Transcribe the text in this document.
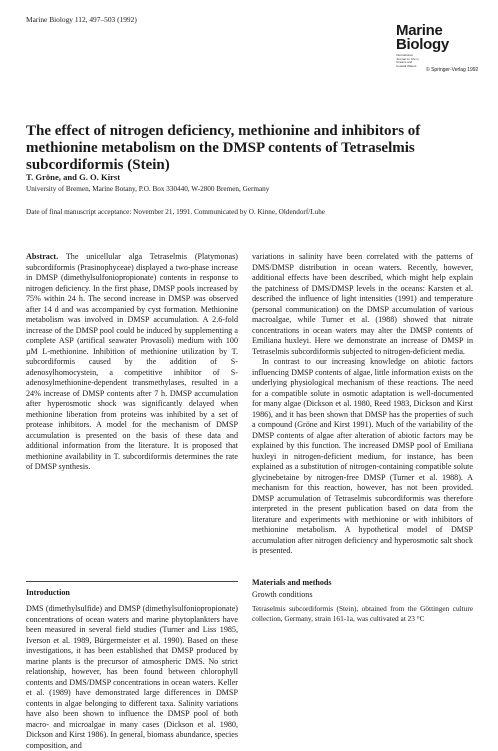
Marine Biology 112, 497–503 (1992)
Marine
Biology
International Journal on Life in Oceans and Coastal Waters
© Springer-Verlag 1992
The effect of nitrogen deficiency, methionine and inhibitors of methionine metabolism on the DMSP contents of Tetraselmis subcordiformis (Stein)
T. Gröne, and G. O. Kirst
University of Bremen, Marine Botany, P.O. Box 330440, W-2800 Bremen, Germany
Date of final manuscript acceptance: November 21, 1991. Communicated by O. Kinne, Oldendorf/Luhe

Abstract. The unicellular alga Tetraselmis (Platymonas) subcordiformis (Prasinophyceae) displayed a two-phase increase in DMSP (dimethylsulfoniopropionate) contents in response to nitrogen deficiency. In the first phase, DMSP pools increased by 75% within 24 h. The second increase in DMSP was observed after 14 d and was accompanied by cyst formation. Methionine metabolism was involved in DMSP accumulation. A 2.6-fold increase of the DMSP pool could be induced by supplementing a complete ASP (artifical seawater Provasoli) medium with 100 µM L-methionine. Inhibition of methionine utilization by T. subcordiformis caused by the addition of S-adenosylhomocystein, a competitive inhibitor of S-adenosylmethionine-dependent transmethylases, resulted in a 24% increase of DMSP contents after 7 h. DMSP accumulation after hyperosmotic shock was significantly delayed when methionine liberation from proteins was inhibited by a set of protease inhibitors. A model for the mechanism of DMSP accumulation is presented on the basis of these data and additional information from the literature. It is proposed that methionine availability in T. subcordiformis determines the rate of DMSP synthesis.

Introduction
DMS (dimethylsulfide) and DMSP (dimethylsulfoniopropionate) concentrations of ocean waters and marine phytoplankters have been measured in several field studies (Turner and Liss 1985, Iverson et al. 1989, Bürgermeister et al. 1990). Based on these investigations, it has been established that DMSP produced by marine plants is the precursor of atmospheric DMS. No strict relationship, however, has been found between chlorophyll contents and DMS/DMSP concentrations in ocean waters. Keller et al. (1989) have demonstrated large differences in DMSP contents in algae belonging to different taxa. Salinity variations have also been shown to influence the DMSP pool of both macro- and microalgae in many cases (Dickson et al. 1980, Dickson and Kirst 1986). In general, biomass abundance, species composition, and

variations in salinity have been correlated with the patterns of DMS/DMSP distribution in ocean waters. Recently, however, additional effects have been described, which might help explain the patchiness of DMS/DMSP levels in the oceans: Karsten et al. described the influence of light intensities (1991) and temperature (personal communication) on the DMSP accumulation of various macroalgae, while Turner et al. (1988) showed that nitrate concentrations in ocean waters may alter the DMSP contents of Emiliana huxleyi. Here we demonstrate an increase of DMSP in Tetraselmis subcordiformis subjected to nitrogen-deficient media.

In contrast to our increasing knowledge on abiotic factors influencing DMSP contents of algae, little information exists on the underlying physiological mechanism of these reactions. The need for a compatible solute in osmotic adaptation is well-documented for many algae (Dickson et al. 1980, Reed 1983, Dickson and Kirst 1986), and it has been shown that DMSP has the properties of such a compound (Gröne and Kirst 1991). Much of the variability of the DMSP contents of algae after alteration of abiotic factors may be explained by this function. The increased DMSP pool of Emiliana huxleyi in nitrogen-deficient medium, for instance, has been explained as a substitution of nitrogen-containing compatible solute glycinebetaine by nitrogen-free DMSP (Turner et al. 1988). A mechanism for this reaction, however, has not been provided. DMSP accumulation of Tetraselmis subcordiformis was therefore interpreted in the present publication based on data from the literature and experiments with methionine or with inhibitors of methionine metabolism. A hypothetical model of DMSP accumulation after nitrogen deficiency and hyperosmotic salt shock is presented.

Materials and methods
Growth conditions
Tetraselmis subcordiformis (Stein), obtained from the Göttingen culture collection, Germany, strain 161-1a, was cultivated at 23 °C
